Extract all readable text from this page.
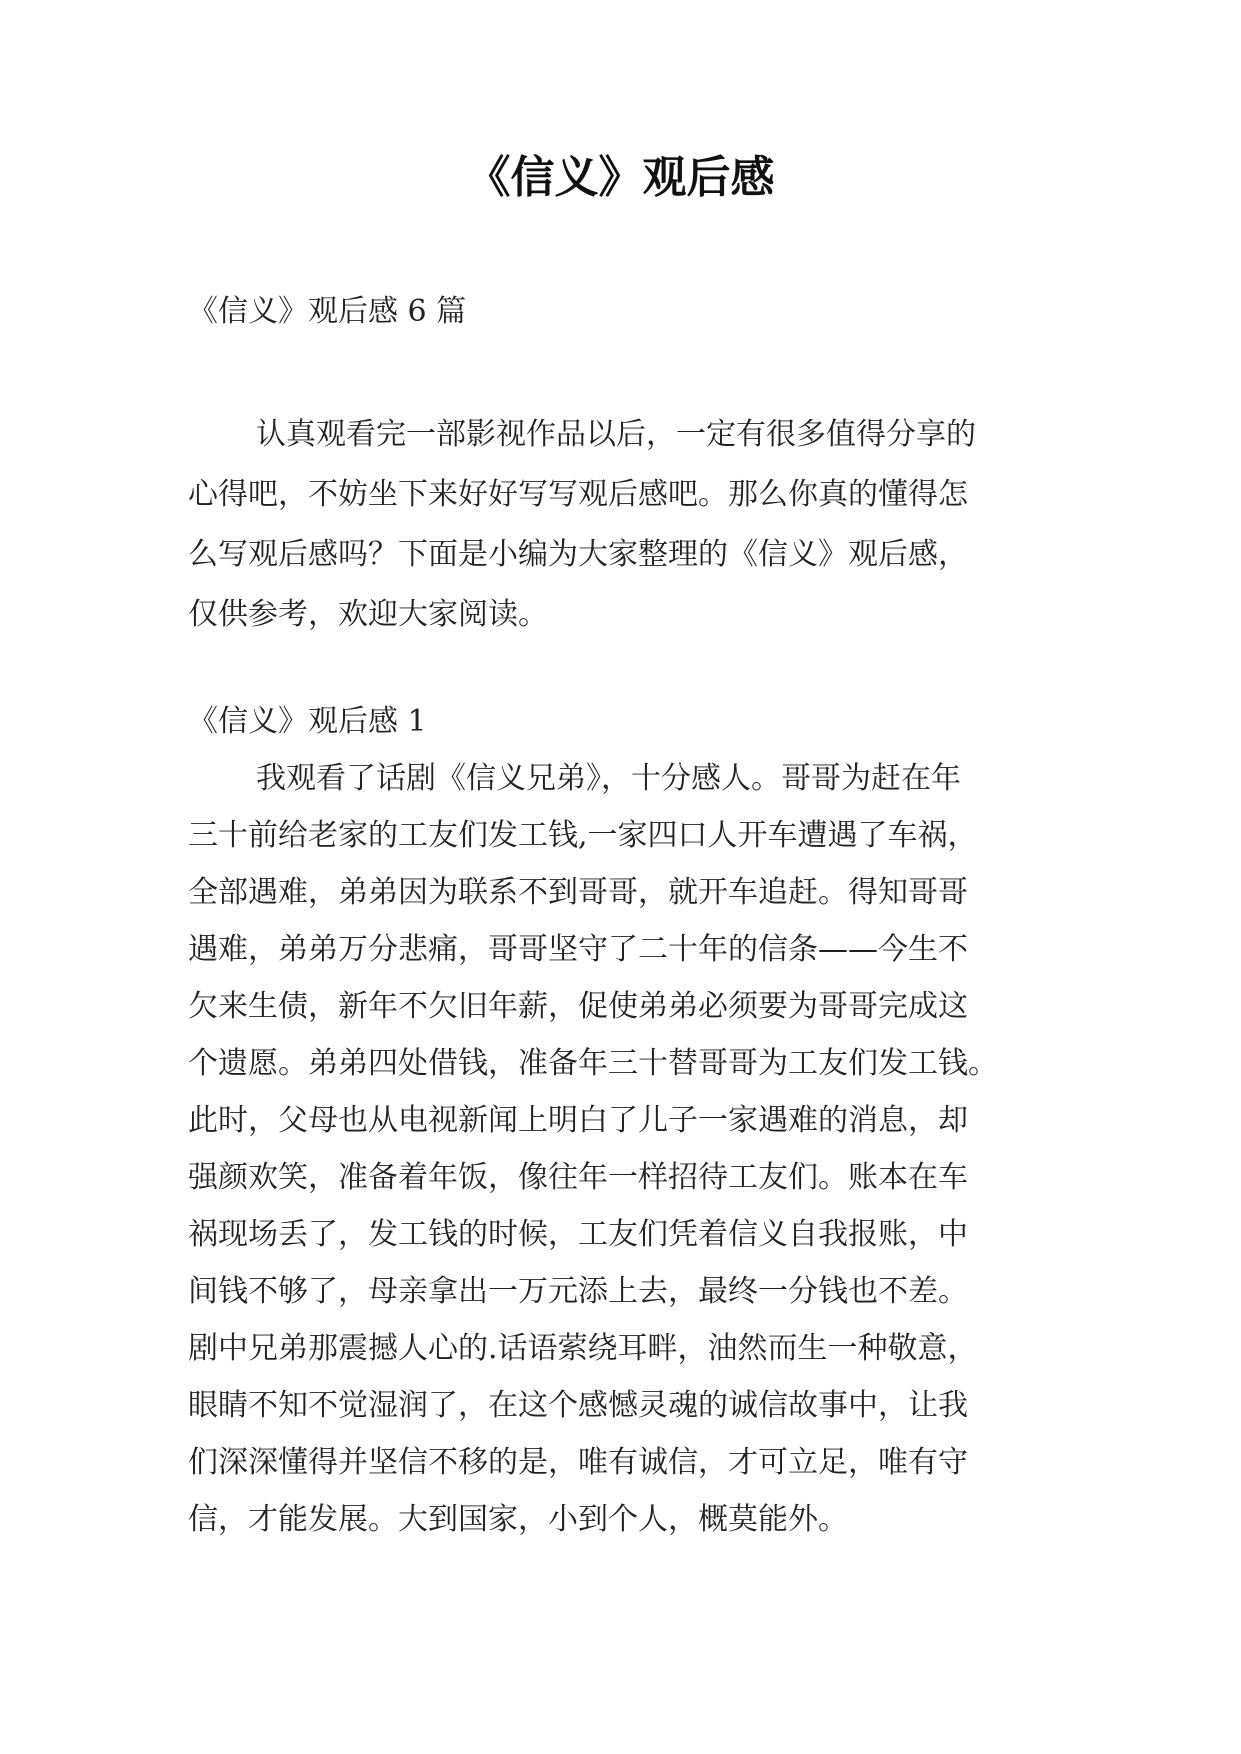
《信义》观后感
《信义》观后感 6 篇
认真观看完一部影视作品以后，一定有很多值得分享的
心得吧，不妨坐下来好好写写观后感吧。那么你真的懂得怎
么写观后感吗？下面是小编为大家整理的《信义》观后感，
仅供参考，欢迎大家阅读。
《信义》观后感 1
我观看了话剧《信义兄弟》，十分感人。哥哥为赶在年
三十前给老家的工友们发工钱,一家四口人开车遭遇了车祸，
全部遇难，弟弟因为联系不到哥哥，就开车追赶。得知哥哥
遇难，弟弟万分悲痛，哥哥坚守了二十年的信条——今生不
欠来生债，新年不欠旧年薪，促使弟弟必须要为哥哥完成这
个遗愿。弟弟四处借钱，准备年三十替哥哥为工友们发工钱。
此时，父母也从电视新闻上明白了儿子一家遇难的消息，却
强颜欢笑，准备着年饭，像往年一样招待工友们。账本在车
祸现场丢了，发工钱的时候，工友们凭着信义自我报账，中
间钱不够了，母亲拿出一万元添上去，最终一分钱也不差。
剧中兄弟那震撼人心的.话语萦绕耳畔，油然而生一种敬意，
眼睛不知不觉湿润了，在这个感憾灵魂的诚信故事中，让我
们深深懂得并坚信不移的是，唯有诚信，才可立足，唯有守
信，才能发展。大到国家，小到个人，概莫能外。
